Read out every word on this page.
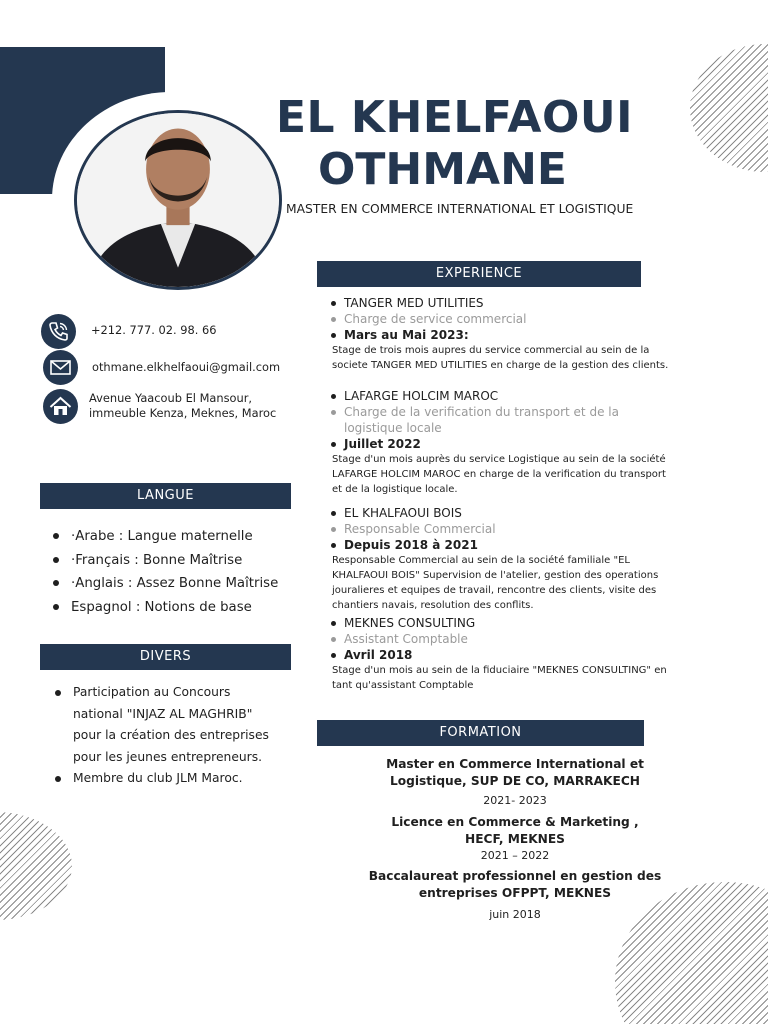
EL KHELFAOUI
OTHMANE
MASTER EN COMMERCE INTERNATIONAL ET LOGISTIQUE
+212. 777. 02. 98. 66
othmane.elkhelfaoui@gmail.com
Avenue Yaacoub El Mansour,
immeuble Kenza, Meknes, Maroc
LANGUE
·Arabe : Langue maternelle
·Français : Bonne Maîtrise
·Anglais : Assez Bonne Maîtrise
Espagnol : Notions de base
DIVERS
Participation au Concours
national "INJAZ AL MAGHRIB"
pour la création des entreprises
pour les jeunes entrepreneurs.
Membre du club JLM Maroc.
EXPERIENCE
TANGER MED UTILITIES
Charge de service commercial
Mars au Mai 2023:
Stage de trois mois aupres du service commercial au sein de la
societe TANGER MED UTILITIES en charge de la gestion des clients.
LAFARGE HOLCIM MAROC
Charge de la verification du transport et de la
logistique locale
Juillet 2022
Stage d'un mois auprès du service Logistique au sein de la société
LAFARGE HOLCIM MAROC en charge de la verification du transport
et de la logistique locale.
EL KHALFAOUI BOIS
Responsable Commercial
Depuis 2018 à 2021
Responsable Commercial au sein de la société familiale "EL
KHALFAOUI BOIS" Supervision de l'atelier, gestion des operations
jouralieres et equipes de travail, rencontre des clients, visite des
chantiers navais, resolution des conflits.
MEKNES CONSULTING
Assistant Comptable
Avril 2018
Stage d'un mois au sein de la fiduciaire "MEKNES CONSULTING" en
tant qu'assistant Comptable
FORMATION
Master en Commerce International et
Logistique, SUP DE CO, MARRAKECH
2021- 2023
Licence en Commerce & Marketing ,
HECF, MEKNES
2021 – 2022
Baccalaureat professionnel en gestion des
entreprises OFPPT, MEKNES
juin 2018
